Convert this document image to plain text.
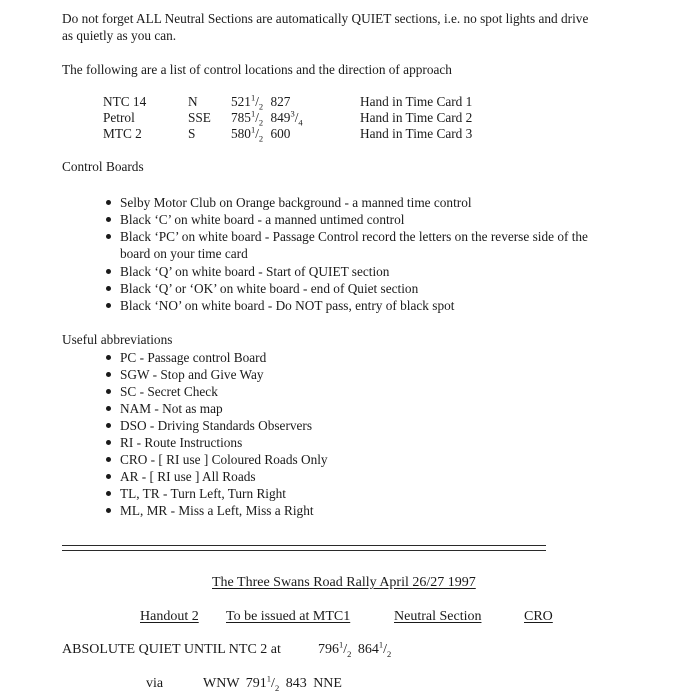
Do not forget ALL Neutral Sections are automatically QUIET sections, i.e. no spot lights and drive
as quietly as you can.
The following are a list of control locations and the direction of approach
NTC 14	N	$521^1/_2$ 827	Hand in Time Card 1
Petrol	SSE $785^1/_2$ $849^3/_4$	Hand in Time Card 2
MTC 2	S	$580^1/_2$ 600	Hand in Time Card 3
Control Boards
Selby Motor Club on Orange background - a manned time control
Black ‘C’ on white board - a manned untimed control
Black ‘PC’ on white board - Passage Control record the letters on the reverse side of the
board on your time card
Black ‘Q’ on white board - Start of QUIET section
Black ‘Q’ or ‘OK’ on white board - end of Quiet section
Black ‘NO’ on white board - Do NOT pass, entry of black spot
Useful abbreviations
PC - Passage control Board
SGW - Stop and Give Way
SC - Secret Check
NAM - Not as map
DSO - Driving Standards Observers
RI - Route Instructions
CRO - [ RI use ] Coloured Roads Only
AR - [ RI use ] All Roads
TL, TR - Turn Left, Turn Right
ML, MR - Miss a Left, Miss a Right
The Three Swans Road Rally April 26/27 1997
Handout 2 To be issued at MTC1	Neutral Section	CRO
ABSOLUTE QUIET UNTIL NTC 2 at	$796^1/_2$ $864^1/_2$
via	WNW $791^1/_2$ 843 NNE
